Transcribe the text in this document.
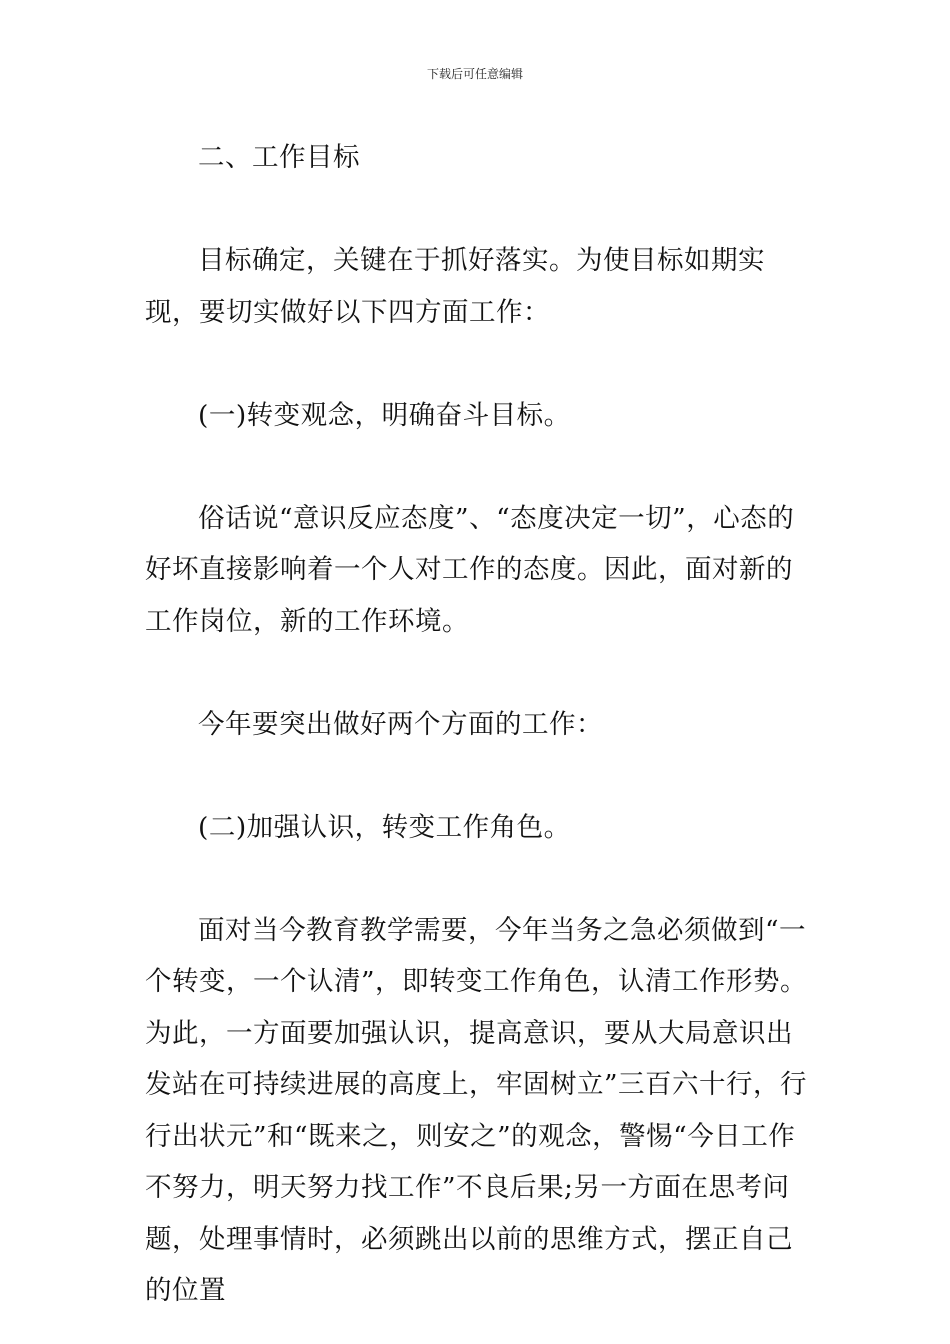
下载后可任意编辑

二、工作目标

目标确定，关键在于抓好落实。为使目标如期实现，要切实做好以下四方面工作：

(一)转变观念，明确奋斗目标。

俗话说“意识反应态度”、“态度决定一切”，心态的好坏直接影响着一个人对工作的态度。因此，面对新的工作岗位，新的工作环境。

今年要突出做好两个方面的工作：

(二)加强认识，转变工作角色。

面对当今教育教学需要，今年当务之急必须做到“一个转变，一个认清”，即转变工作角色，认清工作形势。为此，一方面要加强认识，提高意识，要从大局意识出发站在可持续进展的高度上，牢固树立”三百六十行，行行出状元”和“既来之，则安之”的观念，警惕“今日工作不努力，明天努力找工作”不良后果;另一方面在思考问题，处理事情时，必须跳出以前的思维方式，摆正自己的位置
